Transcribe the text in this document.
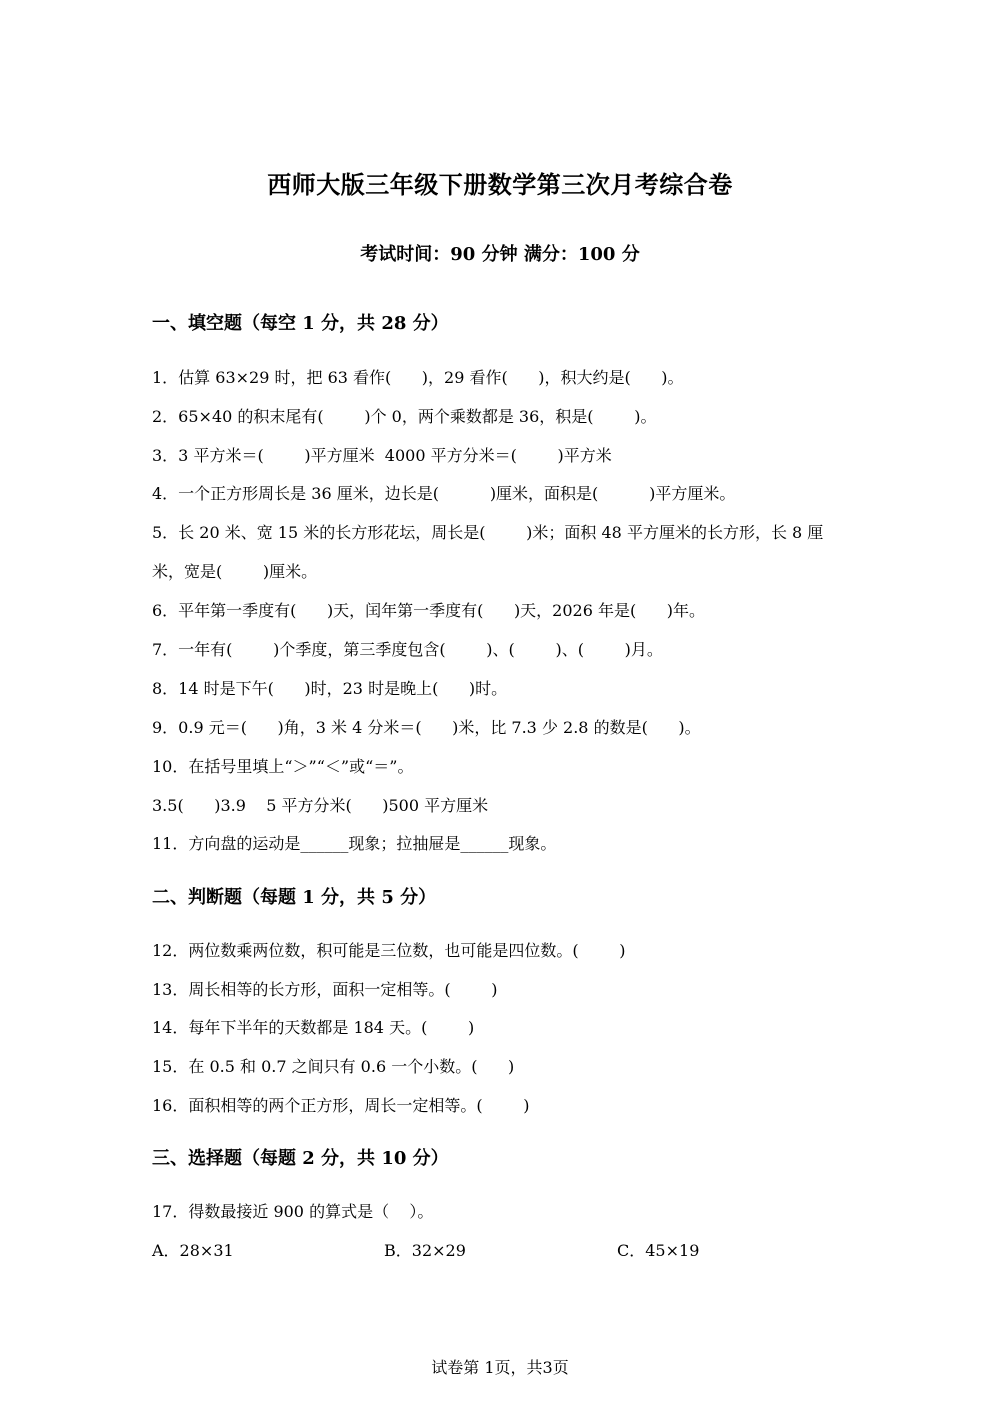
西师大版三年级下册数学第三次月考综合卷
考试时间：90 分钟 满分：100 分
一、填空题（每空 1 分，共 28 分）
1．估算 63×29 时，把 63 看作(      )，29 看作(      )，积大约是(      )。
2．65×40 的积末尾有(        )个 0，两个乘数都是 36，积是(        )。
3．3 平方米＝(        )平方厘米  4000 平方分米＝(        )平方米
4．一个正方形周长是 36 厘米，边长是(          )厘米，面积是(          )平方厘米。
5．长 20 米、宽 15 米的长方形花坛，周长是(        )米；面积 48 平方厘米的长方形，长 8 厘
米，宽是(        )厘米。
6．平年第一季度有(      )天，闰年第一季度有(      )天，2026 年是(      )年。
7．一年有(        )个季度，第三季度包含(        )、(        )、(        )月。
8．14 时是下午(      )时，23 时是晚上(      )时。
9．0.9 元＝(      )角，3 米 4 分米＝(      )米，比 7.3 少 2.8 的数是(      )。
10．在括号里填上“＞”“＜”或“＝”。
3.5(      )3.9    5 平方分米(      )500 平方厘米
11．方向盘的运动是______现象；拉抽屉是______现象。
二、判断题（每题 1 分，共 5 分）
12．两位数乘两位数，积可能是三位数，也可能是四位数。(        )
13．周长相等的长方形，面积一定相等。(        )
14．每年下半年的天数都是 184 天。(        )
15．在 0.5 和 0.7 之间只有 0.6 一个小数。(      )
16．面积相等的两个正方形，周长一定相等。(        )
三、选择题（每题 2 分，共 10 分）
17．得数最接近 900 的算式是（    ）。
A．28×31	B．32×29	C．45×19
试卷第 1页，共3页
